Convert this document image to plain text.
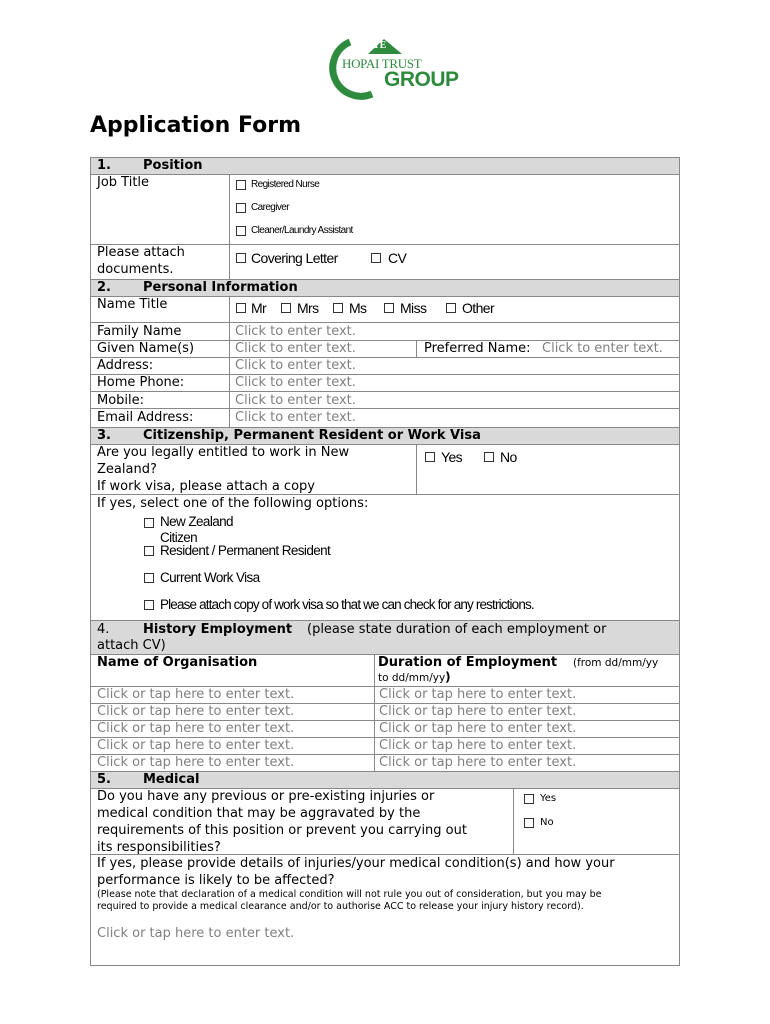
TE
HOPAI TRUST
GROUP
Application Form
1. Position
Job Title	Registered Nurse
Caregiver
Cleaner/Laundry Assistant
Please attach
documents.
Covering Letter	CV
2. Personal Information
Name Title	Mr Mrs Ms Miss	Other
Family Name	Click to enter text.
Given Name(s)	Click to enter text.	Preferred Name: Click to enter text.
Address:	Click to enter text.
Home Phone:	Click to enter text.
Mobile:	Click to enter text.
Email Address:	Click to enter text.
3. Citizenship, Permanent Resident or Work Visa
Are you legally entitled to work in New
Zealand?
If work visa, please attach a copy
Yes	No
If yes, select one of the following options:
New Zealand Citizen
Resident / Permanent Resident
Current Work Visa
Please attach copy of work visa so that we can check for any restrictions.
4.	History Employment (please state duration of each employment or
attach CV)
Name of Organisation	Duration of Employment (from dd/mm/yy
to dd/mm/yy)
Click or tap here to enter text.	Click or tap here to enter text.
Click or tap here to enter text.	Click or tap here to enter text.
Click or tap here to enter text.	Click or tap here to enter text.
Click or tap here to enter text.	Click or tap here to enter text.
Click or tap here to enter text.	Click or tap here to enter text.
5. Medical
Do you have any previous or pre-existing injuries or
medical condition that may be aggravated by the
requirements of this position or prevent you carrying out
its responsibilities?
Yes
No
If yes, please provide details of injuries/your medical condition(s) and how your
performance is likely to be affected?
(Please note that declaration of a medical condition will not rule you out of consideration, but you may be
required to provide a medical clearance and/or to authorise ACC to release your injury history record).
Click or tap here to enter text.
